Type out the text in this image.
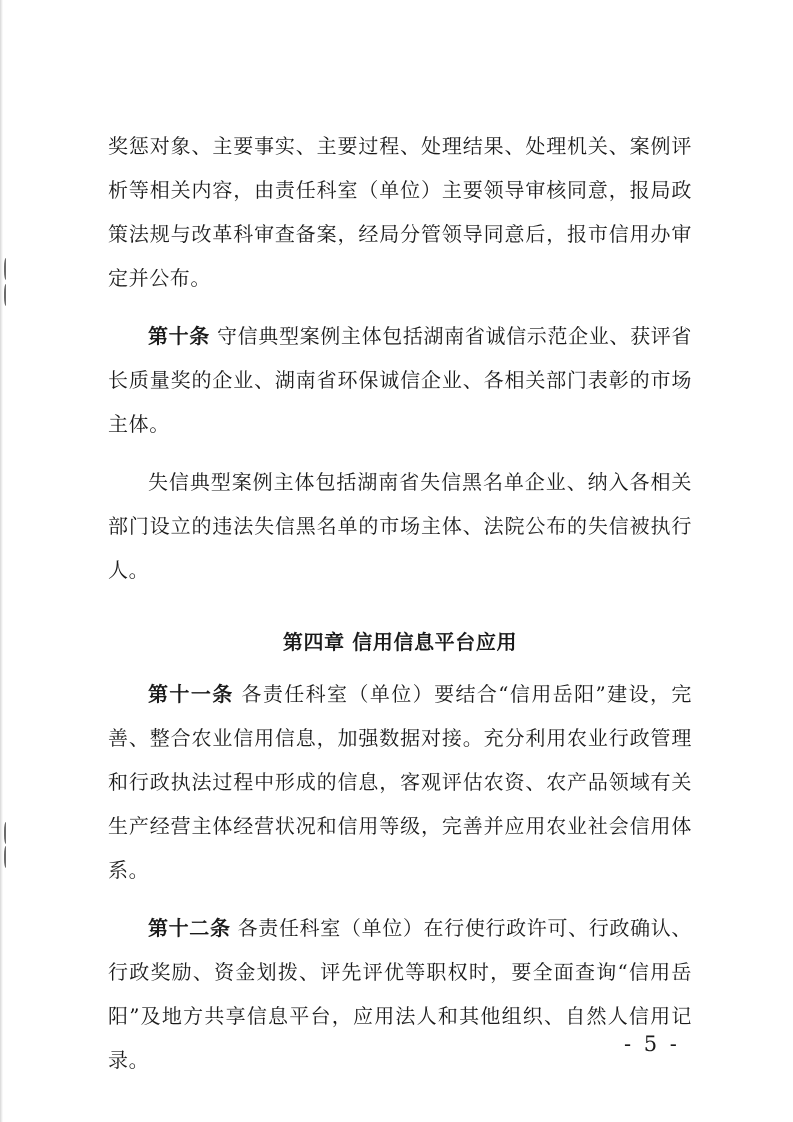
奖惩对象、主要事实、主要过程、处理结果、处理机关、案例评析等相关内容，由责任科室（单位）主要领导审核同意，报局政策法规与改革科审查备案，经局分管领导同意后，报市信用办审定并公布。

第十条 守信典型案例主体包括湖南省诚信示范企业、获评省长质量奖的企业、湖南省环保诚信企业、各相关部门表彰的市场主体。

失信典型案例主体包括湖南省失信黑名单企业、纳入各相关部门设立的违法失信黑名单的市场主体、法院公布的失信被执行人。

第四章 信用信息平台应用

第十一条 各责任科室（单位）要结合“信用岳阳”建设，完善、整合农业信用信息，加强数据对接。充分利用农业行政管理和行政执法过程中形成的信息，客观评估农资、农产品领域有关生产经营主体经营状况和信用等级，完善并应用农业社会信用体系。

第十二条 各责任科室（单位）在行使行政许可、行政确认、行政奖励、资金划拨、评先评优等职权时，要全面查询“信用岳阳”及地方共享信息平台，应用法人和其他组织、自然人信用记录。

- 5 -
